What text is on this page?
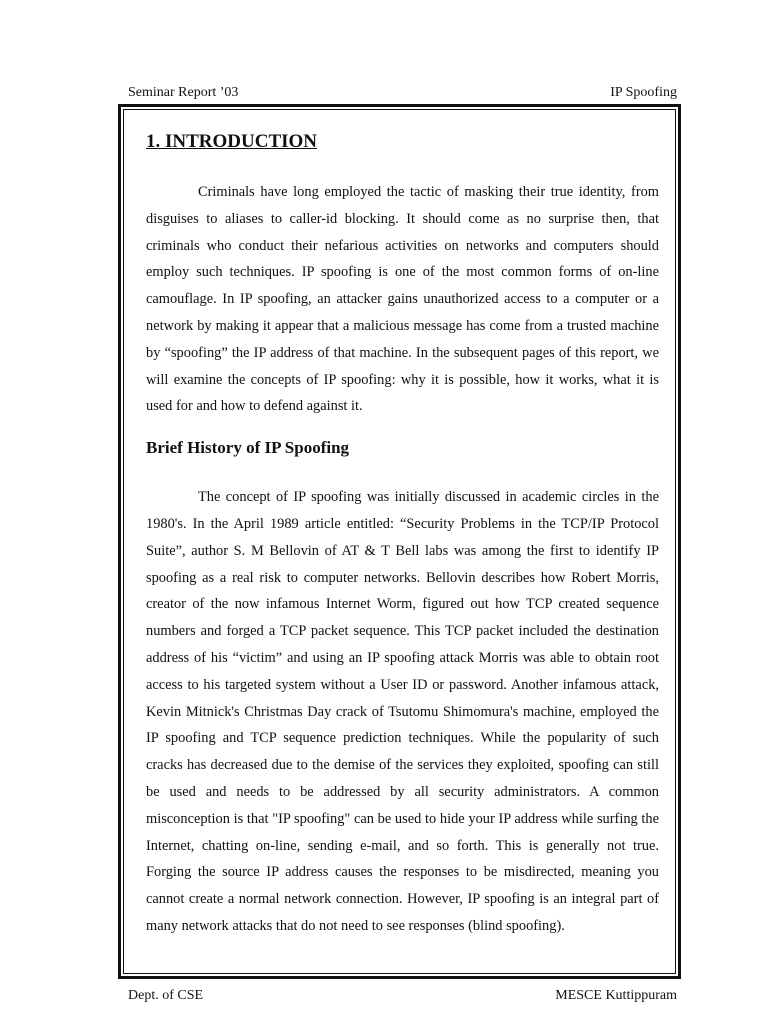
Seminar Report ’03	IP Spoofing
1. INTRODUCTION

Criminals have long employed the tactic of masking their true identity, from disguises to aliases to caller-id blocking. It should come as no surprise then, that criminals who conduct their nefarious activities on networks and computers should employ such techniques. IP spoofing is one of the most common forms of on-line camouflage. In IP spoofing, an attacker gains unauthorized access to a computer or a network by making it appear that a malicious message has come from a trusted machine by “spoofing” the IP address of that machine. In the subsequent pages of this report, we will examine the concepts of IP spoofing: why it is possible, how it works, what it is used for and how to defend against it.

Brief History of IP Spoofing

The concept of IP spoofing was initially discussed in academic circles in the 1980's. In the April 1989 article entitled: “Security Problems in the TCP/IP Protocol Suite”, author S. M Bellovin of AT & T Bell labs was among the first to identify IP spoofing as a real risk to computer networks. Bellovin describes how Robert Morris, creator of the now infamous Internet Worm, figured out how TCP created sequence numbers and forged a TCP packet sequence. This TCP packet included the destination address of his “victim” and using an IP spoofing attack Morris was able to obtain root access to his targeted system without a User ID or password. Another infamous attack, Kevin Mitnick's Christmas Day crack of Tsutomu Shimomura's machine, employed the IP spoofing and TCP sequence prediction techniques. While the popularity of such cracks has decreased due to the demise of the services they exploited, spoofing can still be used and needs to be addressed by all security administrators. A common misconception is that "IP spoofing" can be used to hide your IP address while surfing the Internet, chatting on-line, sending e-mail, and so forth. This is generally not true. Forging the source IP address causes the responses to be misdirected, meaning you cannot create a normal network connection. However, IP spoofing is an integral part of many network attacks that do not need to see responses (blind spoofing).

Dept. of CSE	MESCE Kuttippuram
